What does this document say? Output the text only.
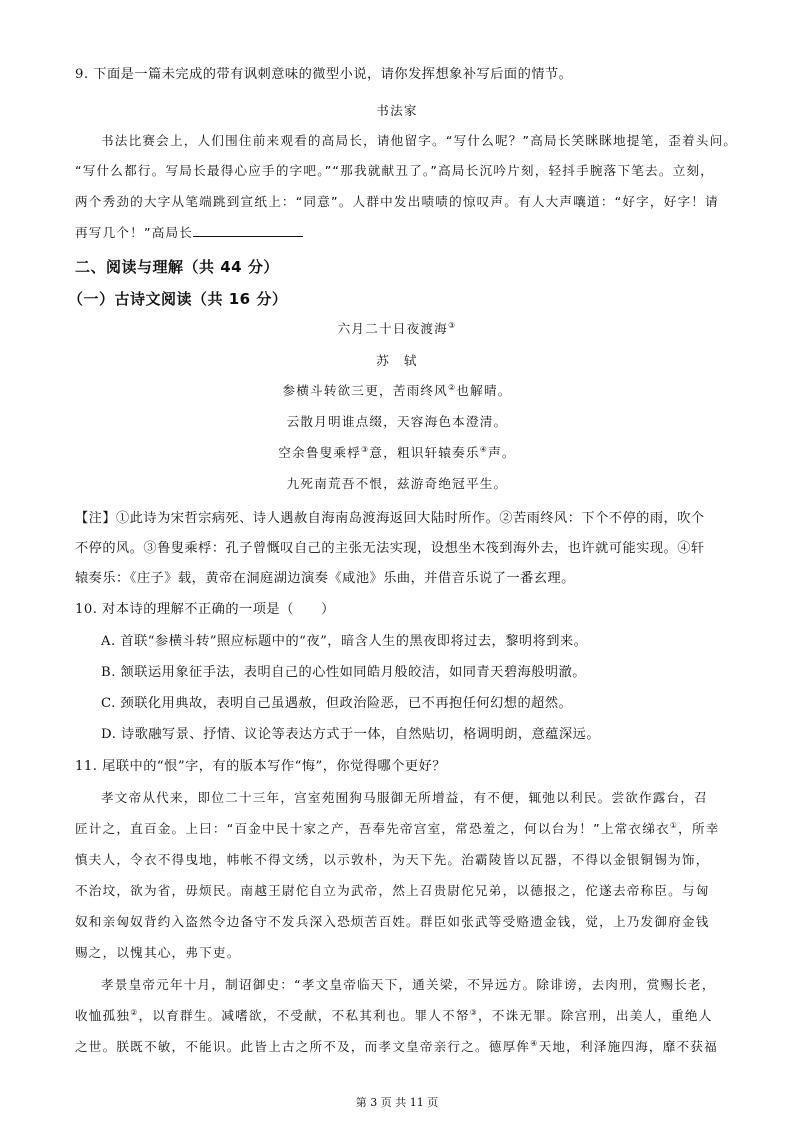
9. 下面是一篇未完成的带有讽刺意味的微型小说，请你发挥想象补写后面的情节。
书法家
书法比赛会上，人们围住前来观看的高局长，请他留字。“写什么呢？”高局长笑眯眯地提笔，歪着头问。
“写什么都行。写局长最得心应手的字吧。”“那我就献丑了。”高局长沉吟片刻，轻抖手腕落下笔去。立刻，
两个秀劲的大字从笔端跳到宣纸上：“同意”。人群中发出啧啧的惊叹声。有人大声嚷道：“好字，好字！请
再写几个！”高局长
二、阅读与理解（共 44 分）
（一）古诗文阅读（共 16 分）
六月二十日夜渡海③
苏　轼
参横斗转欲三更，苦雨终风②也解晴。
云散月明谁点缀，天容海色本澄清。
空余鲁叟乘桴③意，粗识轩辕奏乐④声。
九死南荒吾不恨，兹游奇绝冠平生。
【注】①此诗为宋哲宗病死、诗人遇赦自海南岛渡海返回大陆时所作。②苦雨终风：下个不停的雨，吹个
不停的风。③鲁叟乘桴：孔子曾慨叹自己的主张无法实现，设想坐木筏到海外去，也许就可能实现。④轩
辕奏乐：《庄子》载，黄帝在洞庭湖边演奏《咸池》乐曲，并借音乐说了一番玄理。
10. 对本诗的理解不正确的一项是（　　）
A. 首联“参横斗转”照应标题中的“夜”，暗含人生的黑夜即将过去，黎明将到来。
B. 颔联运用象征手法，表明自己的心性如同皓月般皎洁，如同青天碧海般明澈。
C. 颈联化用典故，表明自己虽遇赦，但政治险恶，已不再抱任何幻想的超然。
D. 诗歌融写景、抒情、议论等表达方式于一体，自然贴切，格调明朗，意蕴深远。
11. 尾联中的“恨”字，有的版本写作“悔”，你觉得哪个更好？
孝文帝从代来，即位二十三年，宫室苑囿狗马服御无所增益，有不便，辄弛以利民。尝欲作露台，召
匠计之，直百金。上曰：“百金中民十家之产，吾奉先帝宫室，常恐羞之，何以台为！”上常衣绨衣①，所幸
慎夫人，令衣不得曳地，帏帐不得文绣，以示敦朴，为天下先。治霸陵皆以瓦器，不得以金银铜锡为饰，
不治坟，欲为省，毋烦民。南越王尉佗自立为武帝，然上召贵尉佗兄弟，以德报之，佗遂去帝称臣。与匈
奴和亲匈奴背约入盗然令边备守不发兵深入恐烦苦百姓。群臣如张武等受赂遗金钱，觉，上乃发御府金钱
赐之，以愧其心，弗下吏。
孝景皇帝元年十月，制诏御史：“孝文皇帝临天下，通关梁，不异远方。除诽谤，去肉刑，赏赐长老，
收恤孤独②，以育群生。减嗜欲，不受献，不私其利也。罪人不帑③，不诛无罪。除宫刑，出美人，重绝人
之世。朕既不敏，不能识。此皆上古之所不及，而孝文皇帝亲行之。德厚侔④天地，利泽施四海，靡不获福
第 3 页 共 11 页
